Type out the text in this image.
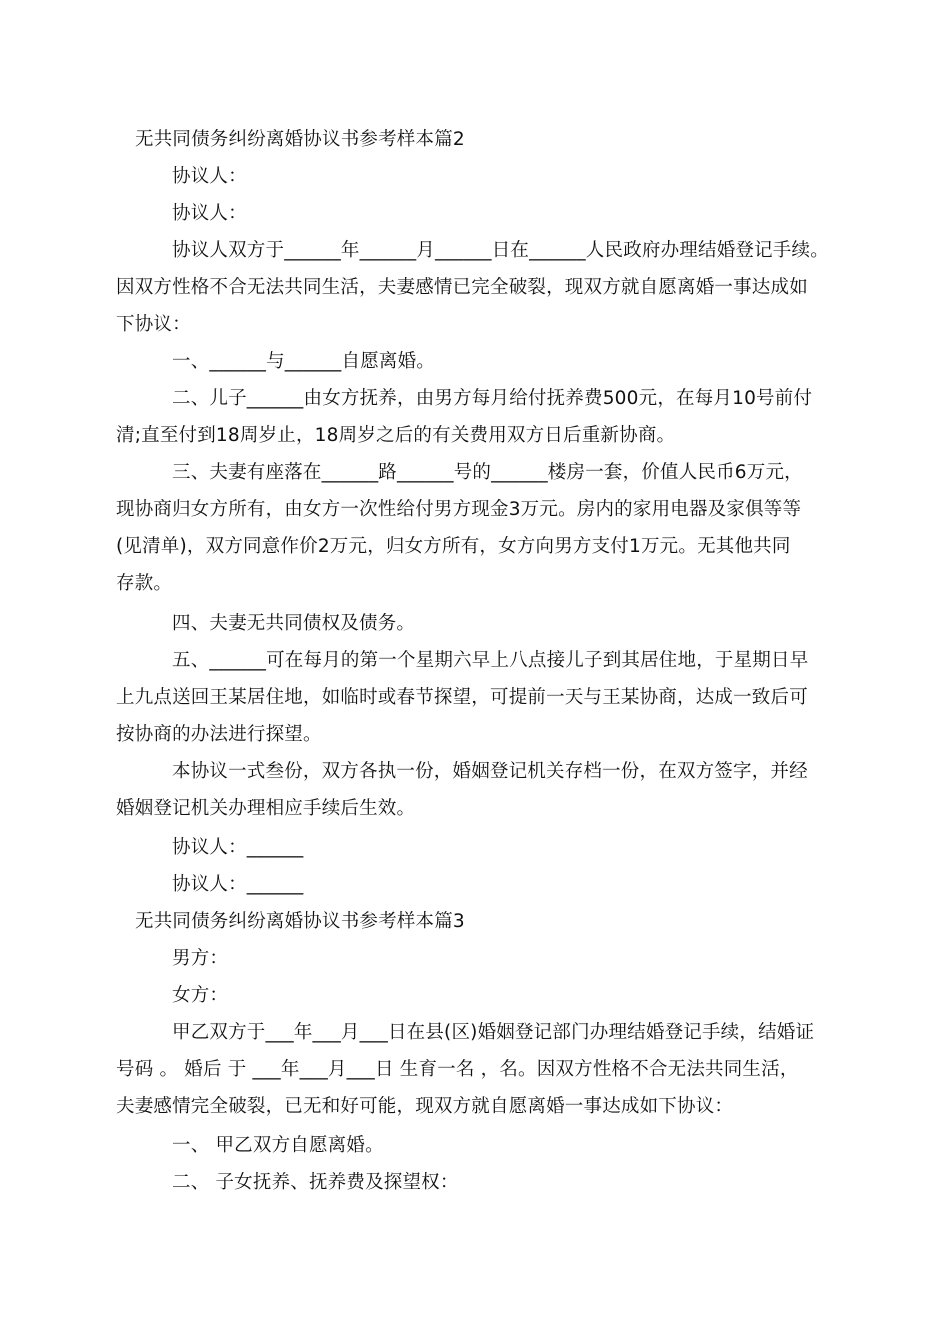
无共同债务纠纷离婚协议书参考样本篇2
协议人：
协议人：
协议人双方于______年______月______日在______人民政府办理结婚登记手续。
因双方性格不合无法共同生活，夫妻感情已完全破裂，现双方就自愿离婚一事达成如
下协议：
一、______与______自愿离婚。
二、儿子______由女方抚养，由男方每月给付抚养费500元，在每月10号前付
清;直至付到18周岁止，18周岁之后的有关费用双方日后重新协商。
三、夫妻有座落在______路______号的______楼房一套，价值人民币6万元，
现协商归女方所有，由女方一次性给付男方现金3万元。房内的家用电器及家俱等等
(见清单)，双方同意作价2万元，归女方所有，女方向男方支付1万元。无其他共同
存款。
四、夫妻无共同债权及债务。
五、______可在每月的第一个星期六早上八点接儿子到其居住地，于星期日早
上九点送回王某居住地，如临时或春节探望，可提前一天与王某协商，达成一致后可
按协商的办法进行探望。
本协议一式叁份，双方各执一份，婚姻登记机关存档一份，在双方签字，并经
婚姻登记机关办理相应手续后生效。
协议人：______
协议人：______
无共同债务纠纷离婚协议书参考样本篇3
男方：
女方：
甲乙双方于___年___月___日在县(区)婚姻登记部门办理结婚登记手续，结婚证
号码 。 婚后 于 ___年___月___日 生育一名 ，名。因双方性格不合无法共同生活，
夫妻感情完全破裂，已无和好可能，现双方就自愿离婚一事达成如下协议：
一、 甲乙双方自愿离婚。
二、 子女抚养、抚养费及探望权：
